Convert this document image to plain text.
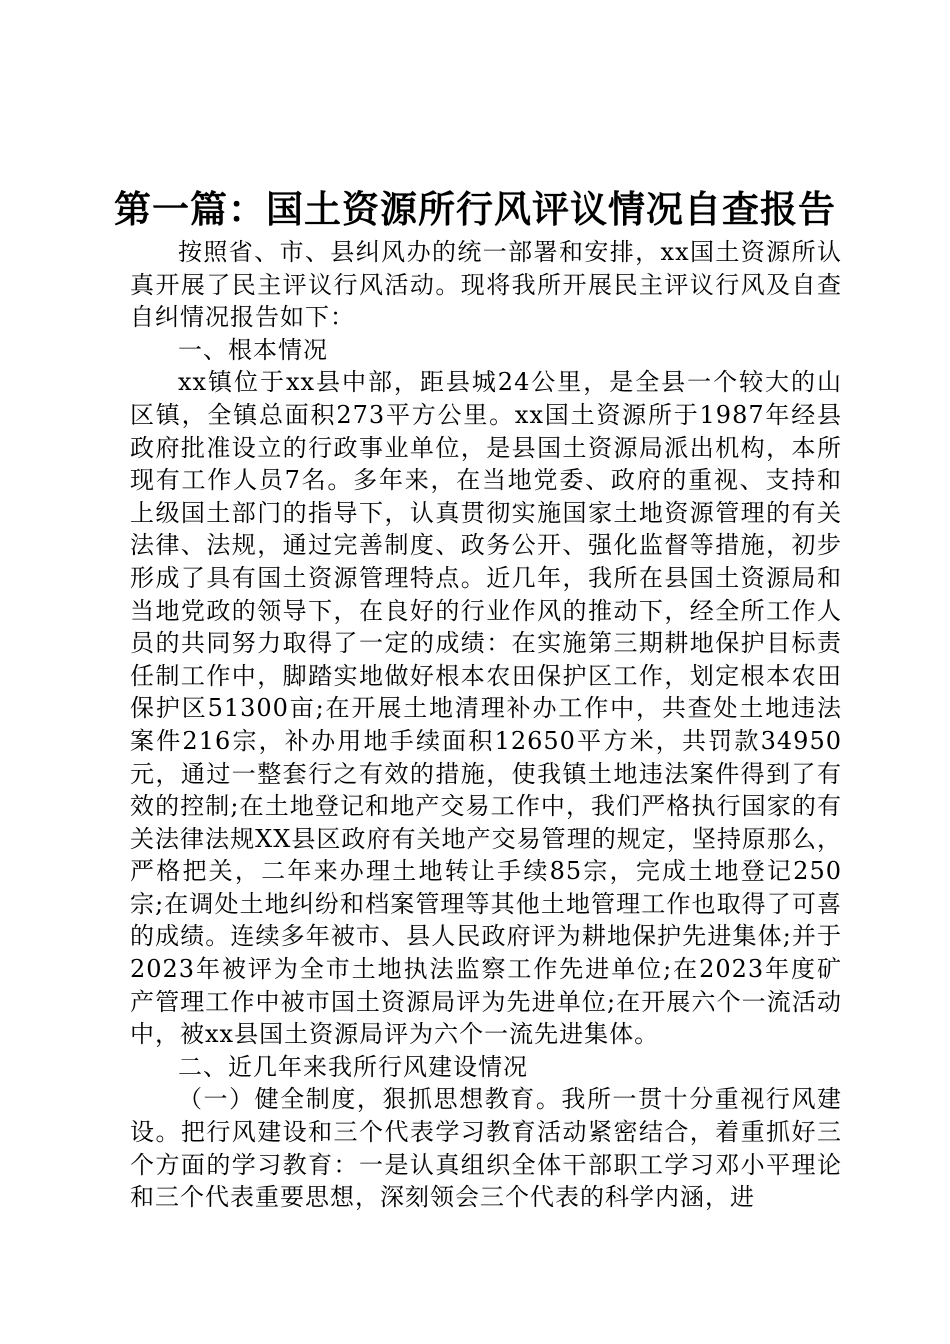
第一篇：国土资源所行风评议情况自查报告

按照省、市、县纠风办的统一部署和安排，xx国土资源所认真开展了民主评议行风活动。现将我所开展民主评议行风及自查自纠情况报告如下：

一、根本情况

xx镇位于xx县中部，距县城24公里，是全县一个较大的山区镇，全镇总面积273平方公里。xx国土资源所于1987年经县政府批准设立的行政事业单位，是县国土资源局派出机构，本所现有工作人员7名。多年来，在当地党委、政府的重视、支持和上级国土部门的指导下，认真贯彻实施国家土地资源管理的有关法律、法规，通过完善制度、政务公开、强化监督等措施，初步形成了具有国土资源管理特点。近几年，我所在县国土资源局和当地党政的领导下，在良好的行业作风的推动下，经全所工作人员的共同努力取得了一定的成绩：在实施第三期耕地保护目标责任制工作中，脚踏实地做好根本农田保护区工作，划定根本农田保护区51300亩;在开展土地清理补办工作中，共查处土地违法案件216宗，补办用地手续面积12650平方米，共罚款34950元，通过一整套行之有效的措施，使我镇土地违法案件得到了有效的控制;在土地登记和地产交易工作中，我们严格执行国家的有关法律法规XX县区政府有关地产交易管理的规定，坚持原那么，严格把关，二年来办理土地转让手续85宗，完成土地登记250宗;在调处土地纠纷和档案管理等其他土地管理工作也取得了可喜的成绩。连续多年被市、县人民政府评为耕地保护先进集体;并于2023年被评为全市土地执法监察工作先进单位;在2023年度矿产管理工作中被市国土资源局评为先进单位;在开展六个一流活动中，被xx县国土资源局评为六个一流先进集体。

二、近几年来我所行风建设情况

（一）健全制度，狠抓思想教育。我所一贯十分重视行风建设。把行风建设和三个代表学习教育活动紧密结合，着重抓好三个方面的学习教育：一是认真组织全体干部职工学习邓小平理论和三个代表重要思想，深刻领会三个代表的科学内涵，进
